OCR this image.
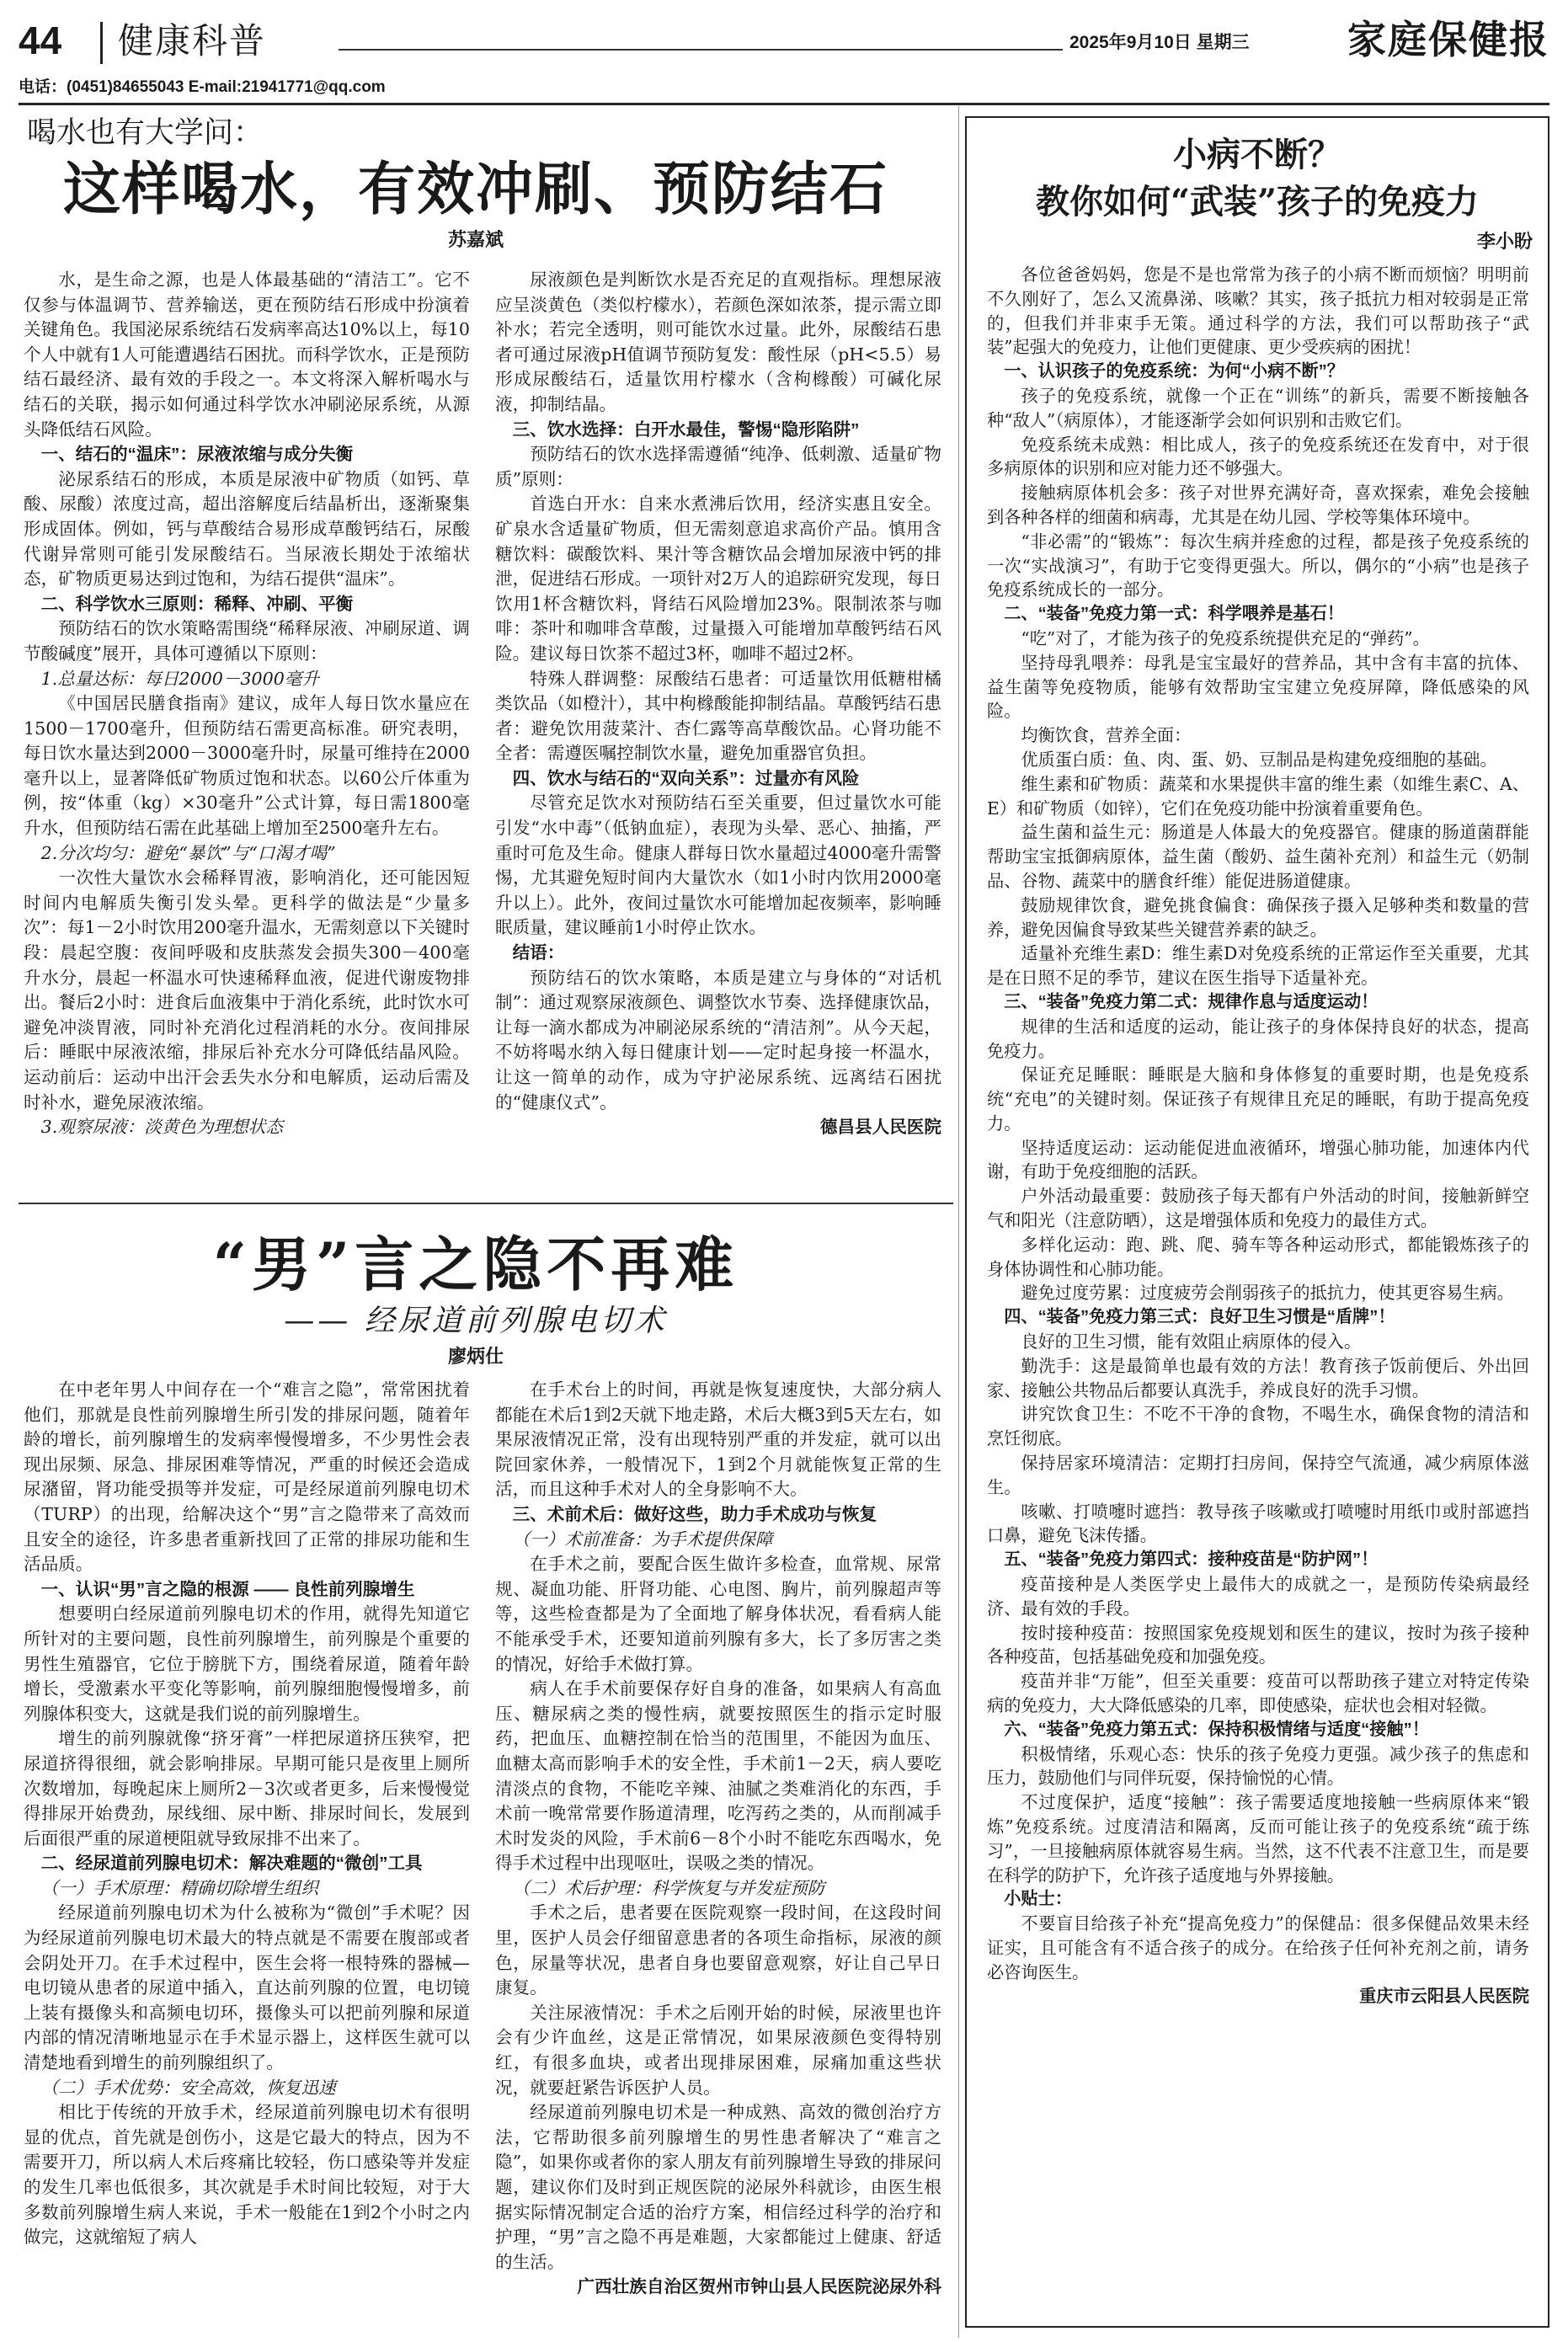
44 健康科普	2025年9月10日 星期三	家庭保健报
电话：(0451)84655043 E-mail:21941771@qq.com
喝水也有大学问：
这样喝水，有效冲刷、预防结石
苏嘉斌

水，是生命之源，也是人体最基础的“清洁工”。它不仅参与体温调节、营养输送，更在预防结石形成中扮演着关键角色。我国泌尿系统结石发病率高达10%以上，每10个人中就有1人可能遭遇结石困扰。而科学饮水，正是预防结石最经济、最有效的手段之一。本文将深入解析喝水与结石的关联，揭示如何通过科学饮水冲刷泌尿系统，从源头降低结石风险。

一、结石的“温床”：尿液浓缩与成分失衡

泌尿系结石的形成，本质是尿液中矿物质（如钙、草酸、尿酸）浓度过高，超出溶解度后结晶析出，逐渐聚集形成固体。例如，钙与草酸结合易形成草酸钙结石，尿酸代谢异常则可能引发尿酸结石。当尿液长期处于浓缩状态，矿物质更易达到过饱和，为结石提供“温床”。

二、科学饮水三原则：稀释、冲刷、平衡

预防结石的饮水策略需围绕“稀释尿液、冲刷尿道、调节酸碱度”展开，具体可遵循以下原则：

1.总量达标：每日2000－3000毫升

《中国居民膳食指南》建议，成年人每日饮水量应在1500－1700毫升，但预防结石需更高标准。研究表明，每日饮水量达到2000－3000毫升时，尿量可维持在2000毫升以上，显著降低矿物质过饱和状态。以60公斤体重为例，按“体重（kg）×30毫升”公式计算，每日需1800毫升水，但预防结石需在此基础上增加至2500毫升左右。

2.分次均匀：避免“暴饮”与“口渴才喝”

一次性大量饮水会稀释胃液，影响消化，还可能因短时间内电解质失衡引发头晕。更科学的做法是“少量多次”：每1－2小时饮用200毫升温水，无需刻意以下关键时段：晨起空腹：夜间呼吸和皮肤蒸发会损失300－400毫升水分，晨起一杯温水可快速稀释血液，促进代谢废物排出。餐后2小时：进食后血液集中于消化系统，此时饮水可避免冲淡胃液，同时补充消化过程消耗的水分。夜间排尿后：睡眠中尿液浓缩，排尿后补充水分可降低结晶风险。运动前后：运动中出汗会丢失水分和电解质，运动后需及时补水，避免尿液浓缩。

3.观察尿液：淡黄色为理想状态

尿液颜色是判断饮水是否充足的直观指标。理想尿液应呈淡黄色（类似柠檬水），若颜色深如浓茶，提示需立即补水；若完全透明，则可能饮水过量。此外，尿酸结石患者可通过尿液pH值调节预防复发：酸性尿（pH<5.5）易形成尿酸结石，适量饮用柠檬水（含枸橼酸）可碱化尿液，抑制结晶。

三、饮水选择：白开水最佳，警惕“隐形陷阱”

预防结石的饮水选择需遵循“纯净、低刺激、适量矿物质”原则：

首选白开水：自来水煮沸后饮用，经济实惠且安全。矿泉水含适量矿物质，但无需刻意追求高价产品。慎用含糖饮料：碳酸饮料、果汁等含糖饮品会增加尿液中钙的排泄，促进结石形成。一项针对2万人的追踪研究发现，每日饮用1杯含糖饮料，肾结石风险增加23%。限制浓茶与咖啡：茶叶和咖啡含草酸，过量摄入可能增加草酸钙结石风险。建议每日饮茶不超过3杯，咖啡不超过2杯。

特殊人群调整：尿酸结石患者：可适量饮用低糖柑橘类饮品（如橙汁），其中枸橼酸能抑制结晶。草酸钙结石患者：避免饮用菠菜汁、杏仁露等高草酸饮品。心肾功能不全者：需遵医嘱控制饮水量，避免加重器官负担。

四、饮水与结石的“双向关系”：过量亦有风险

尽管充足饮水对预防结石至关重要，但过量饮水可能引发“水中毒”（低钠血症），表现为头晕、恶心、抽搐，严重时可危及生命。健康人群每日饮水量超过4000毫升需警惕，尤其避免短时间内大量饮水（如1小时内饮用2000毫升以上）。此外，夜间过量饮水可能增加起夜频率，影响睡眠质量，建议睡前1小时停止饮水。

结语：

预防结石的饮水策略，本质是建立与身体的“对话机制”：通过观察尿液颜色、调整饮水节奏、选择健康饮品，让每一滴水都成为冲刷泌尿系统的“清洁剂”。从今天起，不妨将喝水纳入每日健康计划——定时起身接一杯温水，让这一简单的动作，成为守护泌尿系统、远离结石困扰的“健康仪式”。

德昌县人民医院

“男”言之隐不再难
—— 经尿道前列腺电切术
廖炳仕

在中老年男人中间存在一个“难言之隐”，常常困扰着他们，那就是良性前列腺增生所引发的排尿问题，随着年龄的增长，前列腺增生的发病率慢慢增多，不少男性会表现出尿频、尿急、排尿困难等情况，严重的时候还会造成尿潴留，肾功能受损等并发症，可是经尿道前列腺电切术（TURP）的出现，给解决这个“男”言之隐带来了高效而且安全的途径，许多患者重新找回了正常的排尿功能和生活品质。

一、认识“男”言之隐的根源 —— 良性前列腺增生

想要明白经尿道前列腺电切术的作用，就得先知道它所针对的主要问题，良性前列腺增生，前列腺是个重要的男性生殖器官，它位于膀胱下方，围绕着尿道，随着年龄增长，受激素水平变化等影响，前列腺细胞慢慢增多，前列腺体积变大，这就是我们说的前列腺增生。

增生的前列腺就像“挤牙膏”一样把尿道挤压狭窄，把尿道挤得很细，就会影响排尿。早期可能只是夜里上厕所次数增加，每晚起床上厕所2－3次或者更多，后来慢慢觉得排尿开始费劲，尿线细、尿中断、排尿时间长，发展到后面很严重的尿道梗阻就导致尿排不出来了。

二、经尿道前列腺电切术：解决难题的“微创”工具

（一）手术原理：精确切除增生组织

经尿道前列腺电切术为什么被称为“微创”手术呢？因为经尿道前列腺电切术最大的特点就是不需要在腹部或者会阴处开刀。在手术过程中，医生会将一根特殊的器械—电切镜从患者的尿道中插入，直达前列腺的位置，电切镜上装有摄像头和高频电切环，摄像头可以把前列腺和尿道内部的情况清晰地显示在手术显示器上，这样医生就可以清楚地看到增生的前列腺组织了。

（二）手术优势：安全高效，恢复迅速

相比于传统的开放手术，经尿道前列腺电切术有很明显的优点，首先就是创伤小，这是它最大的特点，因为不需要开刀，所以病人术后疼痛比较轻，伤口感染等并发症的发生几率也低很多，其次就是手术时间比较短，对于大多数前列腺增生病人来说，手术一般能在1到2个小时之内做完，这就缩短了病人

在手术台上的时间，再就是恢复速度快，大部分病人都能在术后1到2天就下地走路，术后大概3到5天左右，如果尿液情况正常，没有出现特别严重的并发症，就可以出院回家休养，一般情况下，1到2个月就能恢复正常的生活，而且这种手术对人的全身影响不大。

三、术前术后：做好这些，助力手术成功与恢复

（一）术前准备：为手术提供保障

在手术之前，要配合医生做许多检查，血常规、尿常规、凝血功能、肝肾功能、心电图、胸片，前列腺超声等等，这些检查都是为了全面地了解身体状况，看看病人能不能承受手术，还要知道前列腺有多大，长了多厉害之类的情况，好给手术做打算。

病人在手术前要保存好自身的准备，如果病人有高血压、糖尿病之类的慢性病，就要按照医生的指示定时服药，把血压、血糖控制在恰当的范围里，不能因为血压、血糖太高而影响手术的安全性，手术前1－2天，病人要吃清淡点的食物，不能吃辛辣、油腻之类难消化的东西，手术前一晚常常要作肠道清理，吃泻药之类的，从而削减手术时发炎的风险，手术前6－8个小时不能吃东西喝水，免得手术过程中出现呕吐，误吸之类的情况。

（二）术后护理：科学恢复与并发症预防

手术之后，患者要在医院观察一段时间，在这段时间里，医护人员会仔细留意患者的各项生命指标，尿液的颜色，尿量等状况，患者自身也要留意观察，好让自己早日康复。

关注尿液情况：手术之后刚开始的时候，尿液里也许会有少许血丝，这是正常情况，如果尿液颜色变得特别红，有很多血块，或者出现排尿困难，尿痛加重这些状况，就要赶紧告诉医护人员。

经尿道前列腺电切术是一种成熟、高效的微创治疗方法，它帮助很多前列腺增生的男性患者解决了“难言之隐”，如果你或者你的家人朋友有前列腺增生导致的排尿问题，建议你们及时到正规医院的泌尿外科就诊，由医生根据实际情况制定合适的治疗方案，相信经过科学的治疗和护理，“男”言之隐不再是难题，大家都能过上健康、舒适的生活。

广西壮族自治区贺州市钟山县人民医院泌尿外科

小病不断？
教你如何“武装”孩子的免疫力
李小盼

各位爸爸妈妈，您是不是也常常为孩子的小病不断而烦恼？明明前不久刚好了，怎么又流鼻涕、咳嗽？其实，孩子抵抗力相对较弱是正常的，但我们并非束手无策。通过科学的方法，我们可以帮助孩子“武装”起强大的免疫力，让他们更健康、更少受疾病的困扰！

一、认识孩子的免疫系统：为何“小病不断”？

孩子的免疫系统，就像一个正在“训练”的新兵，需要不断接触各种“敌人”（病原体），才能逐渐学会如何识别和击败它们。

免疫系统未成熟：相比成人，孩子的免疫系统还在发育中，对于很多病原体的识别和应对能力还不够强大。

接触病原体机会多：孩子对世界充满好奇，喜欢探索，难免会接触到各种各样的细菌和病毒，尤其是在幼儿园、学校等集体环境中。

“非必需”的“锻炼”：每次生病并痊愈的过程，都是孩子免疫系统的一次“实战演习”，有助于它变得更强大。所以，偶尔的“小病”也是孩子免疫系统成长的一部分。

二、“装备”免疫力第一式：科学喂养是基石！

“吃”对了，才能为孩子的免疫系统提供充足的“弹药”。

坚持母乳喂养：母乳是宝宝最好的营养品，其中含有丰富的抗体、益生菌等免疫物质，能够有效帮助宝宝建立免疫屏障，降低感染的风险。

均衡饮食，营养全面：

优质蛋白质：鱼、肉、蛋、奶、豆制品是构建免疫细胞的基础。

维生素和矿物质：蔬菜和水果提供丰富的维生素（如维生素C、A、E）和矿物质（如锌），它们在免疫功能中扮演着重要角色。

益生菌和益生元：肠道是人体最大的免疫器官。健康的肠道菌群能帮助宝宝抵御病原体，益生菌（酸奶、益生菌补充剂）和益生元（奶制品、谷物、蔬菜中的膳食纤维）能促进肠道健康。

鼓励规律饮食，避免挑食偏食：确保孩子摄入足够种类和数量的营养，避免因偏食导致某些关键营养素的缺乏。

适量补充维生素D：维生素D对免疫系统的正常运作至关重要，尤其是在日照不足的季节，建议在医生指导下适量补充。

三、“装备”免疫力第二式：规律作息与适度运动！

规律的生活和适度的运动，能让孩子的身体保持良好的状态，提高免疫力。

保证充足睡眠：睡眠是大脑和身体修复的重要时期，也是免疫系统“充电”的关键时刻。保证孩子有规律且充足的睡眠，有助于提高免疫力。

坚持适度运动：运动能促进血液循环，增强心肺功能，加速体内代谢，有助于免疫细胞的活跃。

户外活动最重要：鼓励孩子每天都有户外活动的时间，接触新鲜空气和阳光（注意防晒），这是增强体质和免疫力的最佳方式。

多样化运动：跑、跳、爬、骑车等各种运动形式，都能锻炼孩子的身体协调性和心肺功能。

避免过度劳累：过度疲劳会削弱孩子的抵抗力，使其更容易生病。

四、“装备”免疫力第三式：良好卫生习惯是“盾牌”！

良好的卫生习惯，能有效阻止病原体的侵入。

勤洗手：这是最简单也最有效的方法！教育孩子饭前便后、外出回家、接触公共物品后都要认真洗手，养成良好的洗手习惯。

讲究饮食卫生：不吃不干净的食物，不喝生水，确保食物的清洁和烹饪彻底。

保持居家环境清洁：定期打扫房间，保持空气流通，减少病原体滋生。

咳嗽、打喷嚏时遮挡：教导孩子咳嗽或打喷嚏时用纸巾或肘部遮挡口鼻，避免飞沫传播。

五、“装备”免疫力第四式：接种疫苗是“防护网”！

疫苗接种是人类医学史上最伟大的成就之一，是预防传染病最经济、最有效的手段。

按时接种疫苗：按照国家免疫规划和医生的建议，按时为孩子接种各种疫苗，包括基础免疫和加强免疫。

疫苗并非“万能”，但至关重要：疫苗可以帮助孩子建立对特定传染病的免疫力，大大降低感染的几率，即使感染，症状也会相对轻微。

六、“装备”免疫力第五式：保持积极情绪与适度“接触”！

积极情绪，乐观心态：快乐的孩子免疫力更强。减少孩子的焦虑和压力，鼓励他们与同伴玩耍，保持愉悦的心情。

不过度保护，适度“接触”：孩子需要适度地接触一些病原体来“锻炼”免疫系统。过度清洁和隔离，反而可能让孩子的免疫系统“疏于练习”，一旦接触病原体就容易生病。当然，这不代表不注意卫生，而是要在科学的防护下，允许孩子适度地与外界接触。

小贴士：

不要盲目给孩子补充“提高免疫力”的保健品：很多保健品效果未经证实，且可能含有不适合孩子的成分。在给孩子任何补充剂之前，请务必咨询医生。

重庆市云阳县人民医院
